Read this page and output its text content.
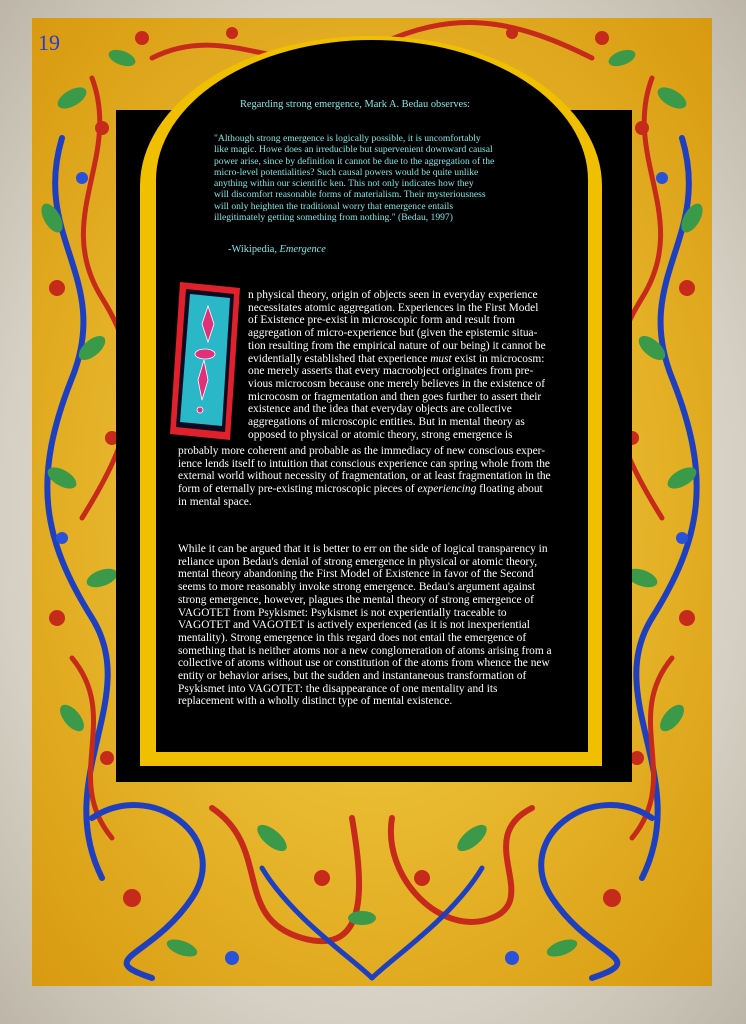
19
Regarding strong emergence, Mark A. Bedau observes:
"Although strong emergence is logically possible, it is uncomfortably
like magic. Howe does an irreducible but supervenient downward causal
power arise, since by definition it cannot be due to the aggregation of the
micro-level potentialities? Such causal powers would be quite unlike
anything within our scientific ken. This not only indicates how they
will discomfort reasonable forms of materialism. Their mysteriousness
will only heighten the traditional worry that emergence entails
illegitimately getting something from nothing." (Bedau, 1997)
-Wikipedia, Emergence
n physical theory, origin of objects seen in everyday experience
necessitates atomic aggregation. Experiences in the First Model
of Existence pre-exist in microscopic form and result from
aggregation of micro-experience but (given the epistemic situa-
tion resulting from the empirical nature of our being) it cannot be
evidentially established that experience must exist in microcosm:
one merely asserts that every macroobject originates from pre-
vious microcosm because one merely believes in the existence of
microcosm or fragmentation and then goes further to assert their
existence and the idea that everyday objects are collective
aggregations of microscopic entities. But in mental theory as
opposed to physical or atomic theory, strong emergence is
probably more coherent and probable as the immediacy of new conscious exper-
ience lends itself to intuition that conscious experience can spring whole from the
external world without necessity of fragmentation, or at least fragmentation in the
form of eternally pre-existing microscopic pieces of experiencing floating about
in mental space.
While it can be argued that it is better to err on the side of logical transparency in
reliance upon Bedau's denial of strong emergence in physical or atomic theory,
mental theory abandoning the First Model of Existence in favor of the Second
seems to more reasonably invoke strong emergence. Bedau's argument against
strong emergence, however, plagues the mental theory of strong emergence of
VAGOTET from Psykismet: Psykismet is not experientially traceable to
VAGOTET and VAGOTET is actively experienced (as it is not inexperiential
mentality). Strong emergence in this regard does not entail the emergence of
something that is neither atoms nor a new conglomeration of atoms arising from a
collective of atoms without use or constitution of the atoms from whence the new
entity or behavior arises, but the sudden and instantaneous transformation of
Psykismet into VAGOTET: the disappearance of one mentality and its
replacement with a wholly distinct type of mental existence.
